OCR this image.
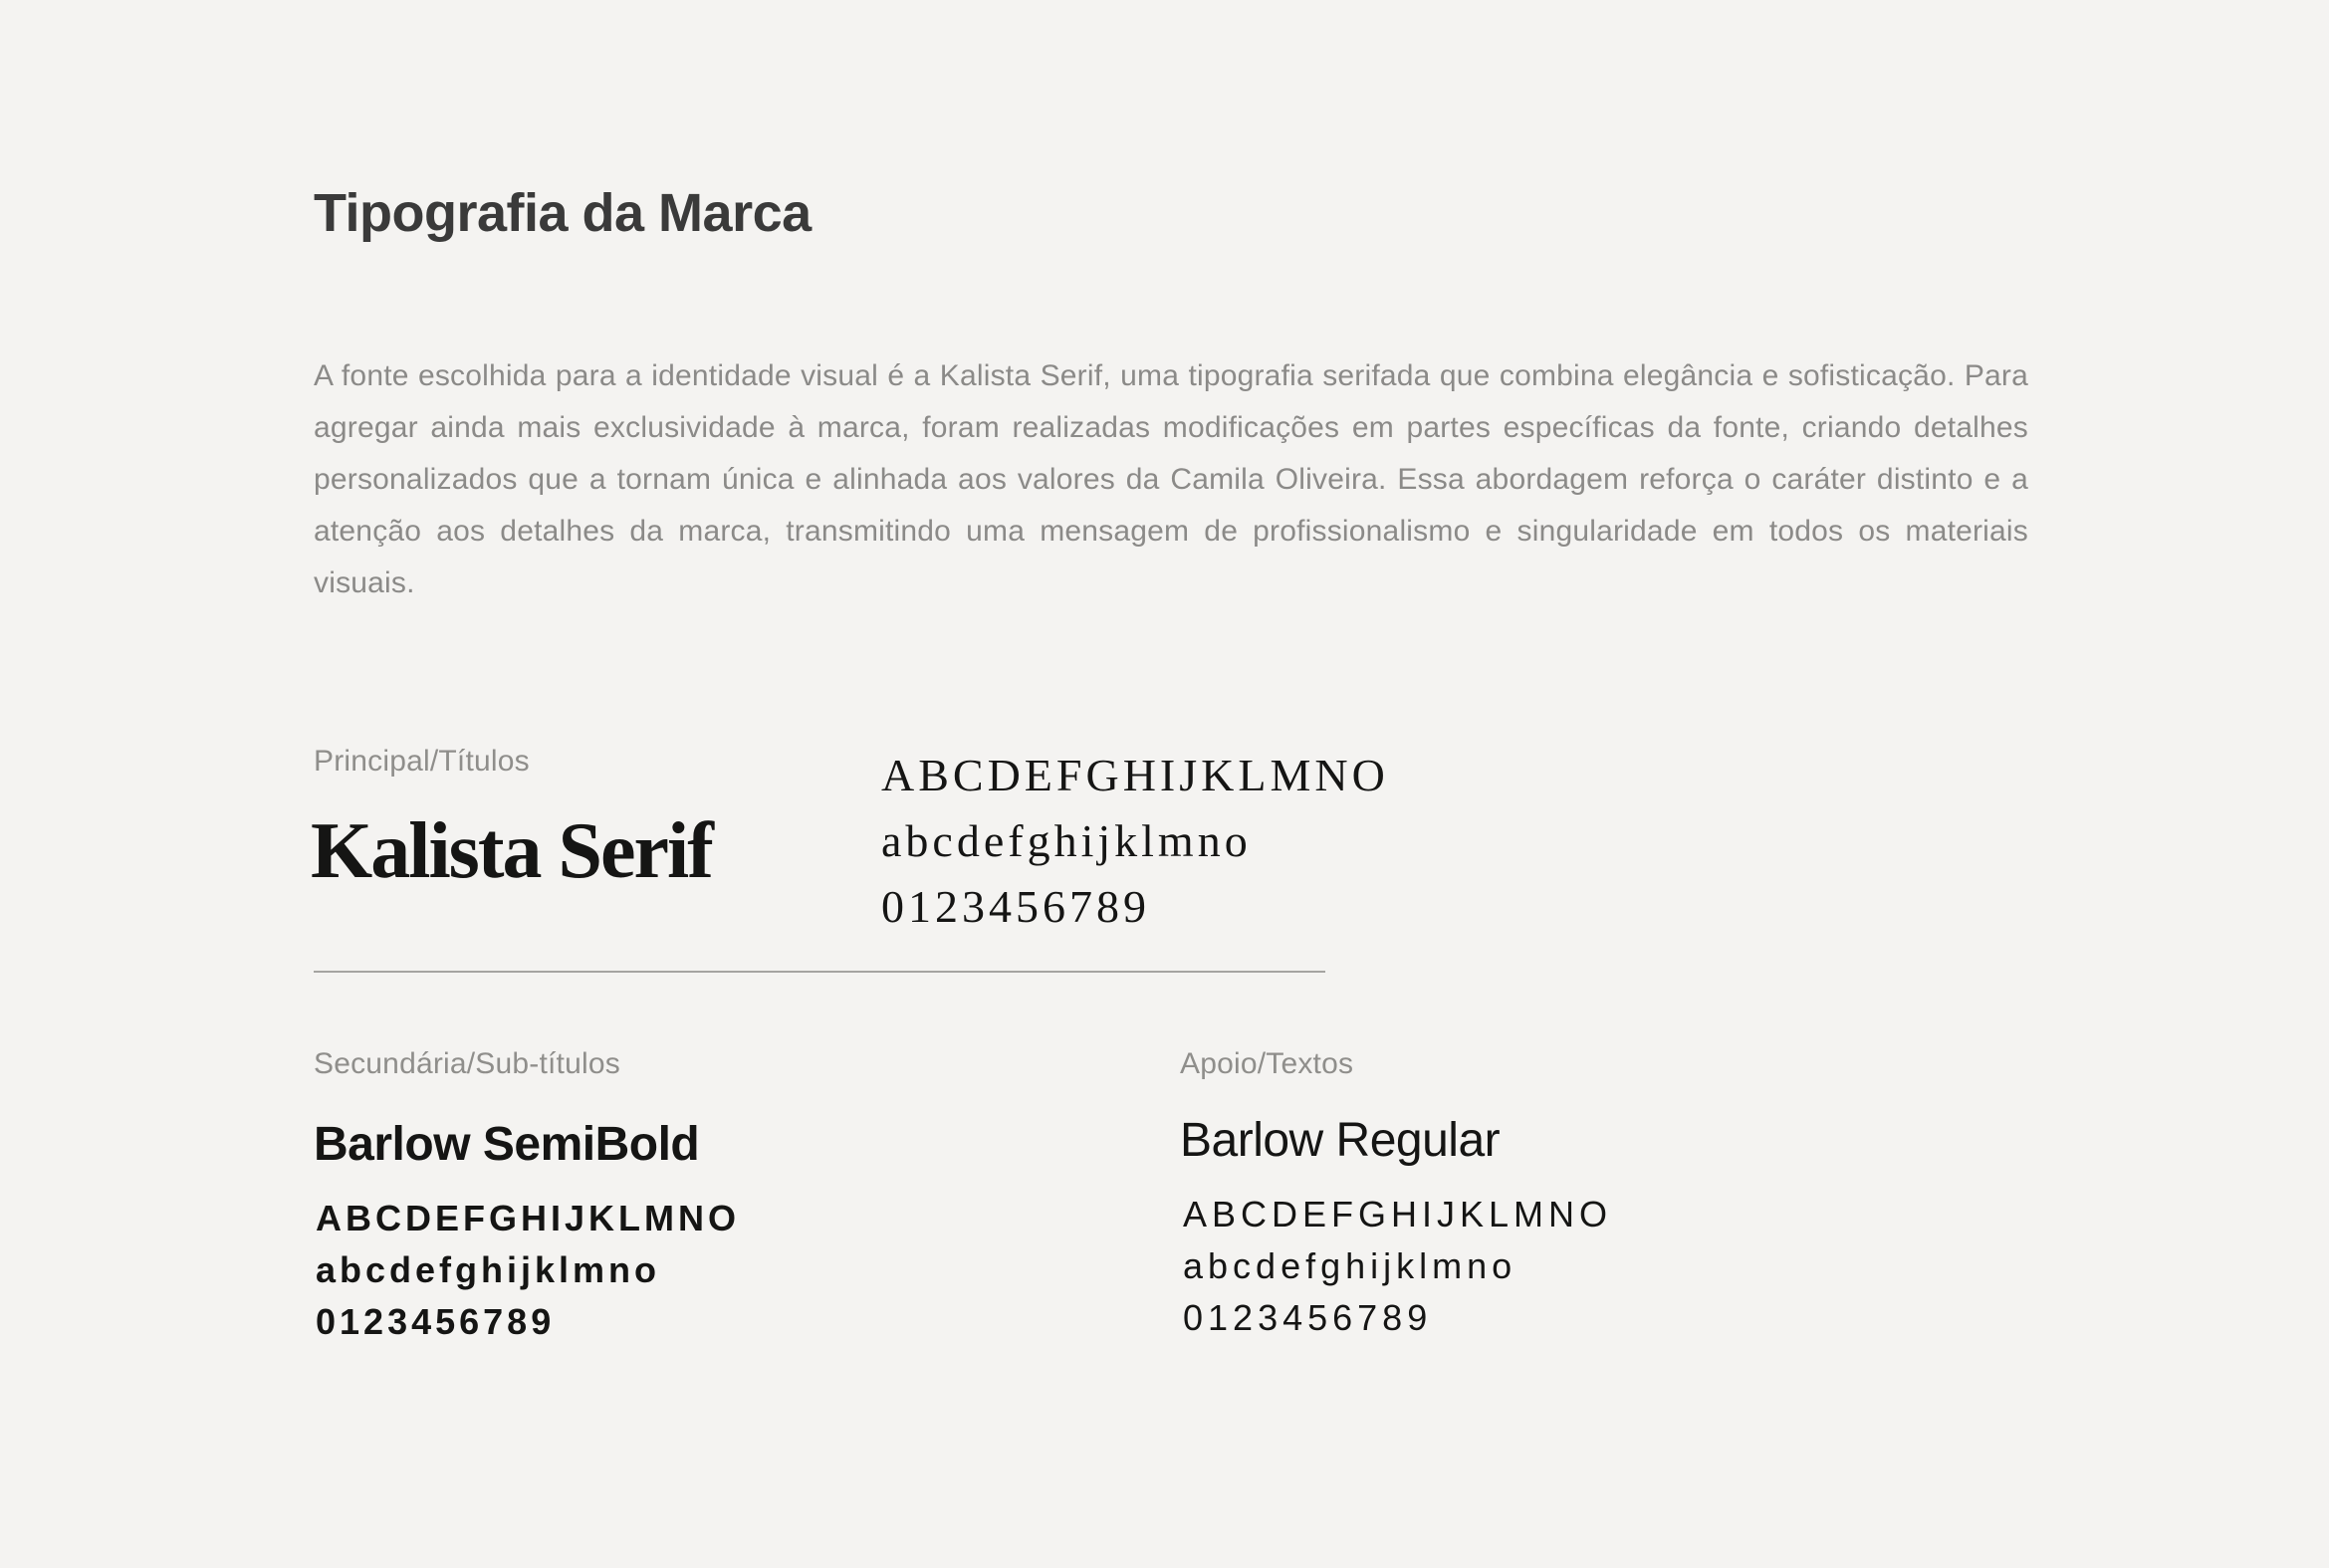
Tipografia da Marca

A fonte escolhida para a identidade visual é a Kalista Serif, uma tipografia serifada que combina elegância e sofisticação. Para agregar ainda mais exclusividade à marca, foram realizadas modificações em partes específicas da fonte, criando detalhes personalizados que a tornam única e alinhada aos valores da Camila Oliveira. Essa abordagem reforça o caráter distinto e a atenção aos detalhes da marca, transmitindo uma mensagem de profissionalismo e singularidade em todos os materiais visuais.

Principal/Títulos
Kalista Serif
ABCDEFGHIJKLMNO
abcdefghijklmno
0123456789
Secundária/Sub-títulos
Barlow SemiBold
ABCDEFGHIJKLMNO
abcdefghijklmno
0123456789
Apoio/Textos
Barlow Regular
ABCDEFGHIJKLMNO
abcdefghijklmno
0123456789
